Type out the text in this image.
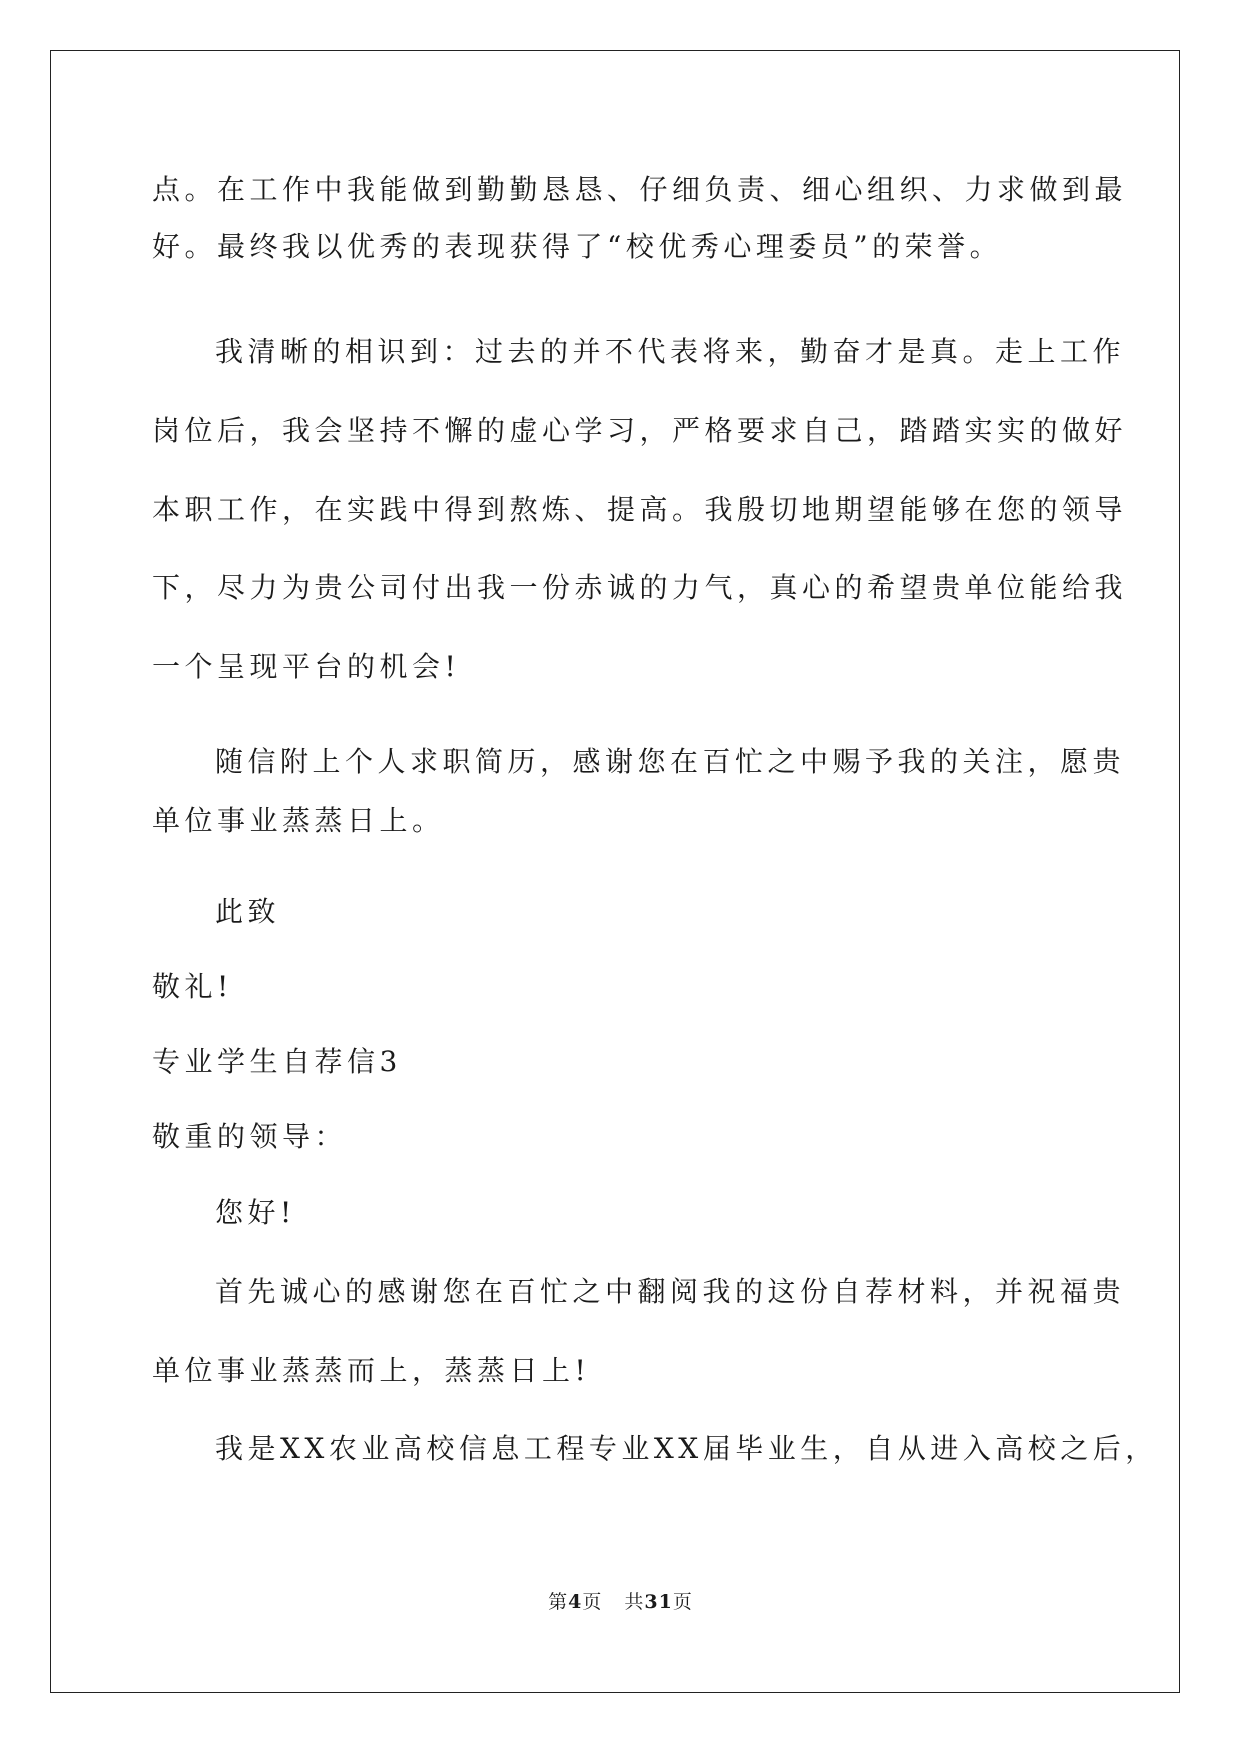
点。在工作中我能做到勤勤恳恳、仔细负责、细心组织、力求做到最
好。最终我以优秀的表现获得了“校优秀心理委员”的荣誉。
我清晰的相识到：过去的并不代表将来，勤奋才是真。走上工作
岗位后，我会坚持不懈的虚心学习，严格要求自己，踏踏实实的做好
本职工作，在实践中得到熬炼、提高。我殷切地期望能够在您的领导
下，尽力为贵公司付出我一份赤诚的力气，真心的希望贵单位能给我
一个呈现平台的机会!
随信附上个人求职简历，感谢您在百忙之中赐予我的关注，愿贵
单位事业蒸蒸日上。
此致
敬礼!
专业学生自荐信3
敬重的领导：
您好!
首先诚心的感谢您在百忙之中翻阅我的这份自荐材料，并祝福贵
单位事业蒸蒸而上，蒸蒸日上!
我是XX农业高校信息工程专业XX届毕业生，自从进入高校之后，
第4页 共31页
